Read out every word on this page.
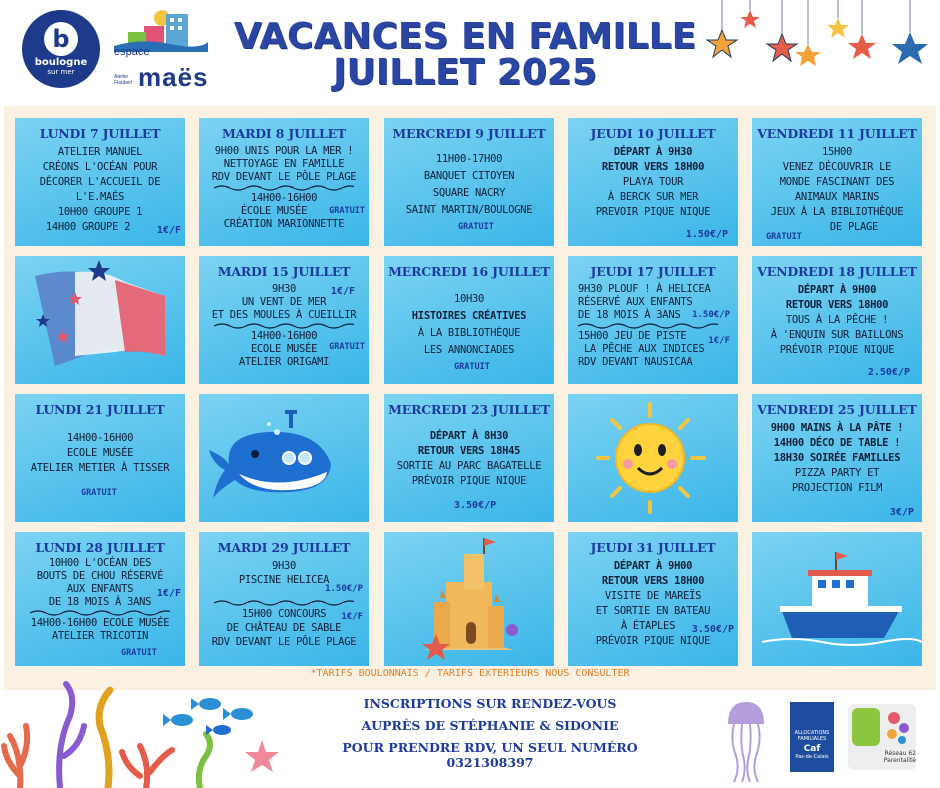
b
boulogne
sur mer
espace
Atelier Flaubert maës
VACANCES EN FAMILLE
JUILLET 2025
LUNDI 7 JUILLET
ATELIER MANUEL
CRÉONS L'OCÉAN POUR
DÉCORER L'ACCUEIL DE
L'E.MAÉS
10H00 GROUPE 1
14H00 GROUPE 2	1€/F
MARDI 8 JUILLET
9H00 UNIS POUR LA MER !
NETTOYAGE EN FAMILLE
RDV DEVANT LE PÔLE PLAGE
14H00-16H00
ÉCOLE MUSÉE
CRÉATION MARIONNETTE
GRATUIT
MERCREDI 9 JUILLET
11H00-17H00
BANQUET CITOYEN
SQUARE NACRY
SAINT MARTIN/BOULOGNE
GRATUIT
JEUDI 10 JUILLET
DÉPART À 9H30
RETOUR VERS 18H00
PLAYA TOUR
À BERCK SUR MER
PREVOIR PIQUE NIQUE
1.50€/P
VENDREDI 11 JUILLET
15H00
VENEZ DÉCOUVRIR LE
MONDE FASCINANT DES
ANIMAUX MARINS
JEUX À LA BIBLIOTHÈQUE
DE PLAGE
GRATUIT
MARDI 15 JUILLET
9H30
UN VENT DE MER
ET DES MOULES À CUEILLIR
14H00-16H00
ECOLE MUSÉE
ATELIER ORIGAMI
1€/F
GRATUIT
MERCREDI 16 JUILLET
10H30
HISTOIRES CRÉATIVES
À LA BIBLIOTHÈQUE
LES ANNONCIADES
GRATUIT
JEUDI 17 JUILLET
9H30 PLOUF ! À HELICEA
RÉSERVÉ AUX ENFANTS
DE 18 MOIS À 3ANS
15H00 JEU DE PISTE
LA PÊCHE AUX INDICES
RDV DEVANT NAUSICAA
1.50€/P
1€/F
VENDREDI 18 JUILLET
DÉPART À 9H00
RETOUR VERS 18H00
TOUS À LA PÊCHE !
À 'ENQUIN SUR BAILLONS
PRÉVOIR PIQUE NIQUE
2.50€/P
LUNDI 21 JUILLET
14H00-16H00
ECOLE MUSÉE
ATELIER METIER À TISSER
GRATUIT
MERCREDI 23 JUILLET
DÉPART À 8H30
RETOUR VERS 18H45
SORTIE AU PARC BAGATELLE
PRÉVOIR PIQUE NIQUE
3.50€/P
VENDREDI 25 JUILLET
9H00 MAINS À LA PÂTE !
14H00 DÉCO DE TABLE !
18H30 SOIRÉE FAMILLES
PIZZA PARTY ET
PROJECTION FILM
3€/P
LUNDI 28 JUILLET
10H00 L'OCÉAN DES
BOUTS DE CHOU RÉSERVÉ
AUX ENFANTS
DE 18 MOIS À 3ANS
14H00-16H00 ECOLE MUSÉE
ATELIER TRICOTIN
1€/F
GRATUIT
MARDI 29 JUILLET
9H30
PISCINE HELICEA
15H00 CONCOURS
DE CHÂTEAU DE SABLE
RDV DEVANT LE PÔLE PLAGE
1.50€/P
1€/F
JEUDI 31 JUILLET
DÉPART À 9H00
RETOUR VERS 18H00
VISITE DE MAREÏS
ET SORTIE EN BATEAU
À ÉTAPLES
PRÉVOIR PIQUE NIQUE
3.50€/P
*TARIFS BOULONNAIS / TARIFS EXTERIEURS NOUS CONSULTER
INSCRIPTIONS SUR RENDEZ-VOUS
AUPRÈS DE STÉPHANIE & SIDONIE
POUR PRENDRE RDV, UN SEUL NUMÉRO 0321308397
ALLOCATIONS FAMILIALES
Caf
Pas-de-Calais	Réseau 62 Parentalité
